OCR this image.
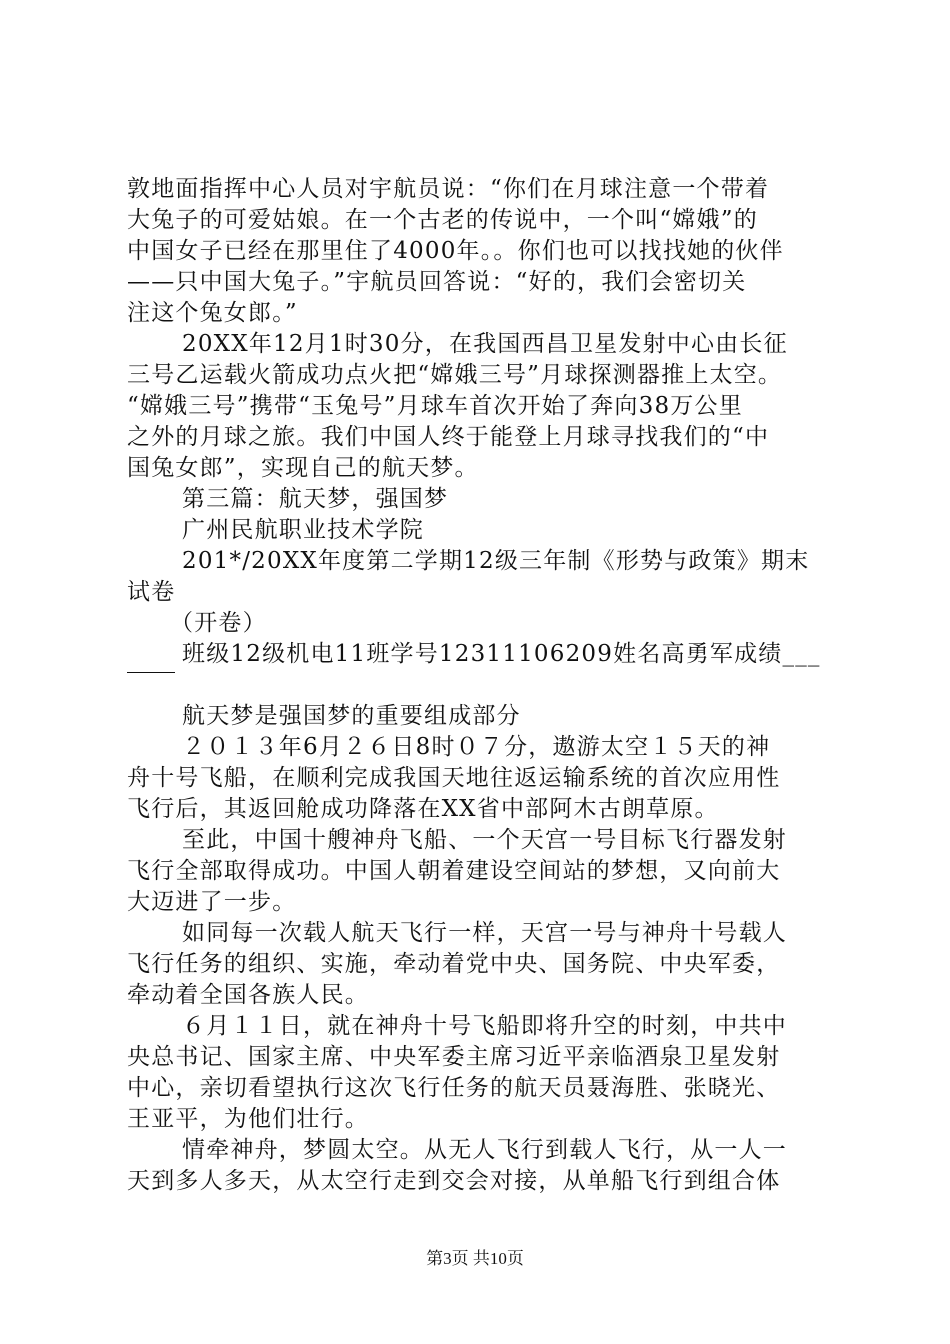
敦地面指挥中心人员对宇航员说：“你们在月球注意一个带着
大兔子的可爱姑娘。在一个古老的传说中，一个叫“嫦娥”的
中国女子已经在那里住了4000年。。你们也可以找找她的伙伴
——只中国大兔子。”宇航员回答说：“好的，我们会密切关
注这个兔女郎。”
20XX年12月1时30分，在我国西昌卫星发射中心由长征
三号乙运载火箭成功点火把“嫦娥三号”月球探测器推上太空。
“嫦娥三号”携带“玉兔号”月球车首次开始了奔向38万公里
之外的月球之旅。我们中国人终于能登上月球寻找我们的“中
国兔女郎”，实现自己的航天梦。
第三篇：航天梦，强国梦
广州民航职业技术学院
201*/20XX年度第二学期12级三年制《形势与政策》期末
试卷
（开卷）
班级12级机电11班学号12311106209姓名高勇军成绩___
航天梦是强国梦的重要组成部分
２０１３年6月２６日8时０７分，遨游太空１５天的神
舟十号飞船，在顺利完成我国天地往返运输系统的首次应用性
飞行后，其返回舱成功降落在XX省中部阿木古朗草原。
至此，中国十艘神舟飞船、一个天宫一号目标飞行器发射
飞行全部取得成功。中国人朝着建设空间站的梦想，又向前大
大迈进了一步。
如同每一次载人航天飞行一样，天宫一号与神舟十号载人
飞行任务的组织、实施，牵动着党中央、国务院、中央军委，
牵动着全国各族人民。
６月１１日，就在神舟十号飞船即将升空的时刻，中共中
央总书记、国家主席、中央军委主席习近平亲临酒泉卫星发射
中心，亲切看望执行这次飞行任务的航天员聂海胜、张晓光、
王亚平，为他们壮行。
情牵神舟，梦圆太空。从无人飞行到载人飞行，从一人一
天到多人多天，从太空行走到交会对接，从单船飞行到组合体
第3页 共10页
